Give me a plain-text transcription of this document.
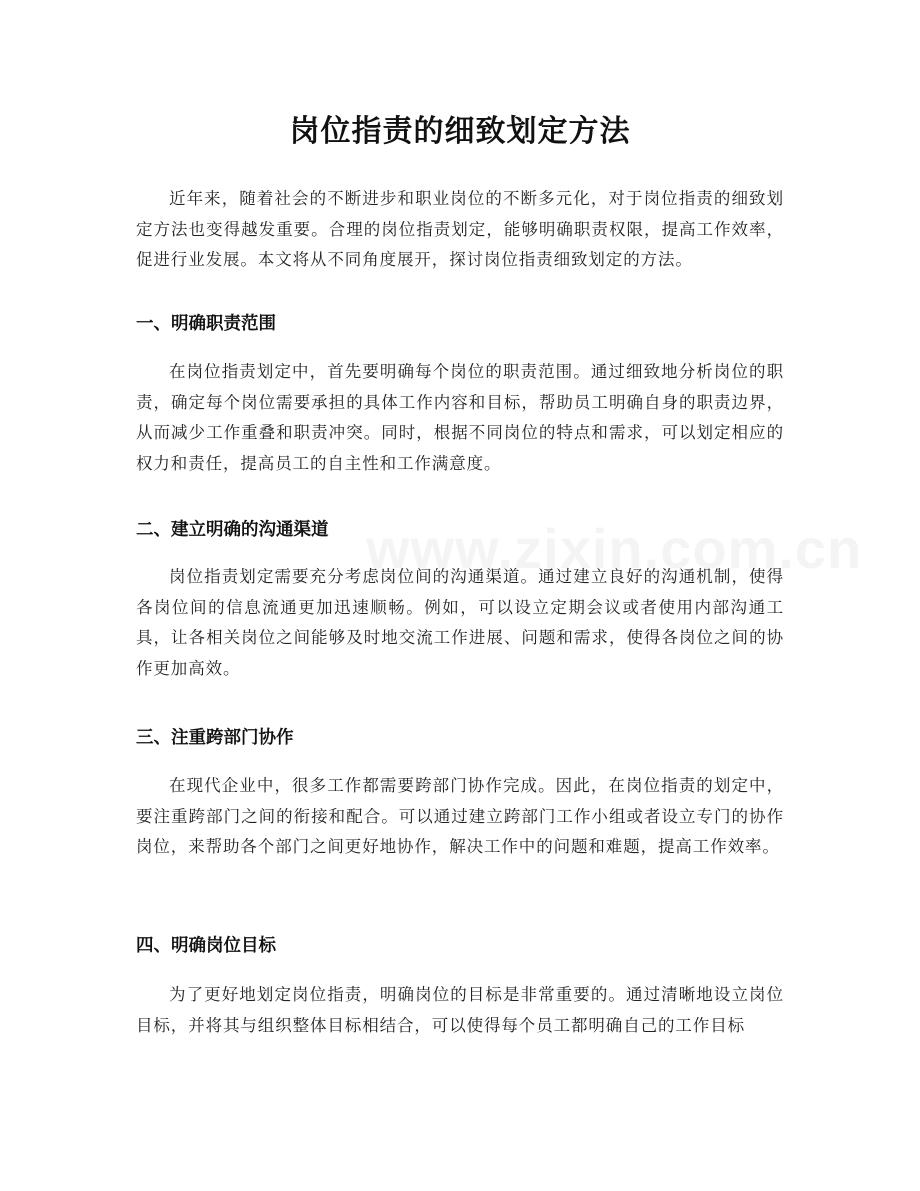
岗位指责的细致划定方法

近年来，随着社会的不断进步和职业岗位的不断多元化，对于岗位指责的细致划定方法也变得越发重要。合理的岗位指责划定，能够明确职责权限，提高工作效率，促进行业发展。本文将从不同角度展开，探讨岗位指责细致划定的方法。

一、明确职责范围

在岗位指责划定中，首先要明确每个岗位的职责范围。通过细致地分析岗位的职责，确定每个岗位需要承担的具体工作内容和目标，帮助员工明确自身的职责边界，从而减少工作重叠和职责冲突。同时，根据不同岗位的特点和需求，可以划定相应的权力和责任，提高员工的自主性和工作满意度。

二、建立明确的沟通渠道

岗位指责划定需要充分考虑岗位间的沟通渠道。通过建立良好的沟通机制，使得各岗位间的信息流通更加迅速顺畅。例如，可以设立定期会议或者使用内部沟通工具，让各相关岗位之间能够及时地交流工作进展、问题和需求，使得各岗位之间的协作更加高效。

三、注重跨部门协作

在现代企业中，很多工作都需要跨部门协作完成。因此，在岗位指责的划定中，要注重跨部门之间的衔接和配合。可以通过建立跨部门工作小组或者设立专门的协作岗位，来帮助各个部门之间更好地协作，解决工作中的问题和难题，提高工作效率。

四、明确岗位目标

为了更好地划定岗位指责，明确岗位的目标是非常重要的。通过清晰地设立岗位目标，并将其与组织整体目标相结合，可以使得每个员工都明确自己的工作目标
